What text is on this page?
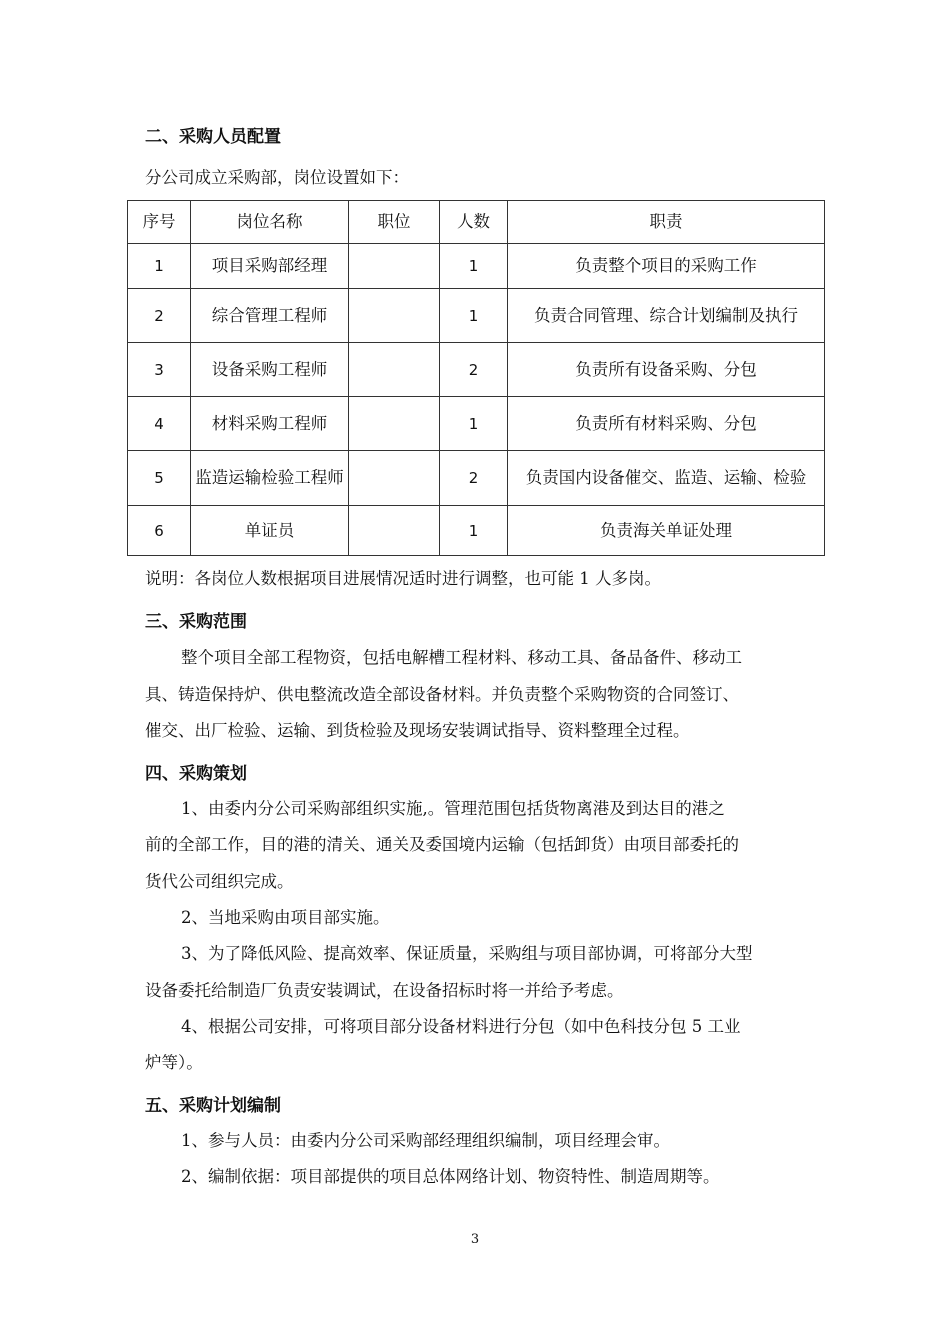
二、采购人员配置
分公司成立采购部，岗位设置如下：
序号	岗位名称	职位	人数	职责
1	项目采购部经理		1	负责整个项目的采购工作
2	综合管理工程师		1	负责合同管理、综合计划编制及执行
3	设备采购工程师		2	负责所有设备采购、分包
4	材料采购工程师		1	负责所有材料采购、分包
5	监造运输检验工程师		2	负责国内设备催交、监造、运输、检验
6	单证员		1	负责海关单证处理
说明：各岗位人数根据项目进展情况适时进行调整，也可能 1 人多岗。
三、采购范围
整个项目全部工程物资，包括电解槽工程材料、移动工具、备品备件、移动工
具、铸造保持炉、供电整流改造全部设备材料。并负责整个采购物资的合同签订、
催交、出厂检验、运输、到货检验及现场安装调试指导、资料整理全过程。
四、采购策划
1、由委内分公司采购部组织实施,。管理范围包括货物离港及到达目的港之
前的全部工作，目的港的清关、通关及委国境内运输（包括卸货）由项目部委托的
货代公司组织完成。
2、当地采购由项目部实施。
3、为了降低风险、提高效率、保证质量，采购组与项目部协调，可将部分大型
设备委托给制造厂负责安装调试，在设备招标时将一并给予考虑。
4、根据公司安排，可将项目部分设备材料进行分包（如中色科技分包 5 工业
炉等）。
五、采购计划编制
1、参与人员：由委内分公司采购部经理组织编制，项目经理会审。
2、编制依据：项目部提供的项目总体网络计划、物资特性、制造周期等。
3
